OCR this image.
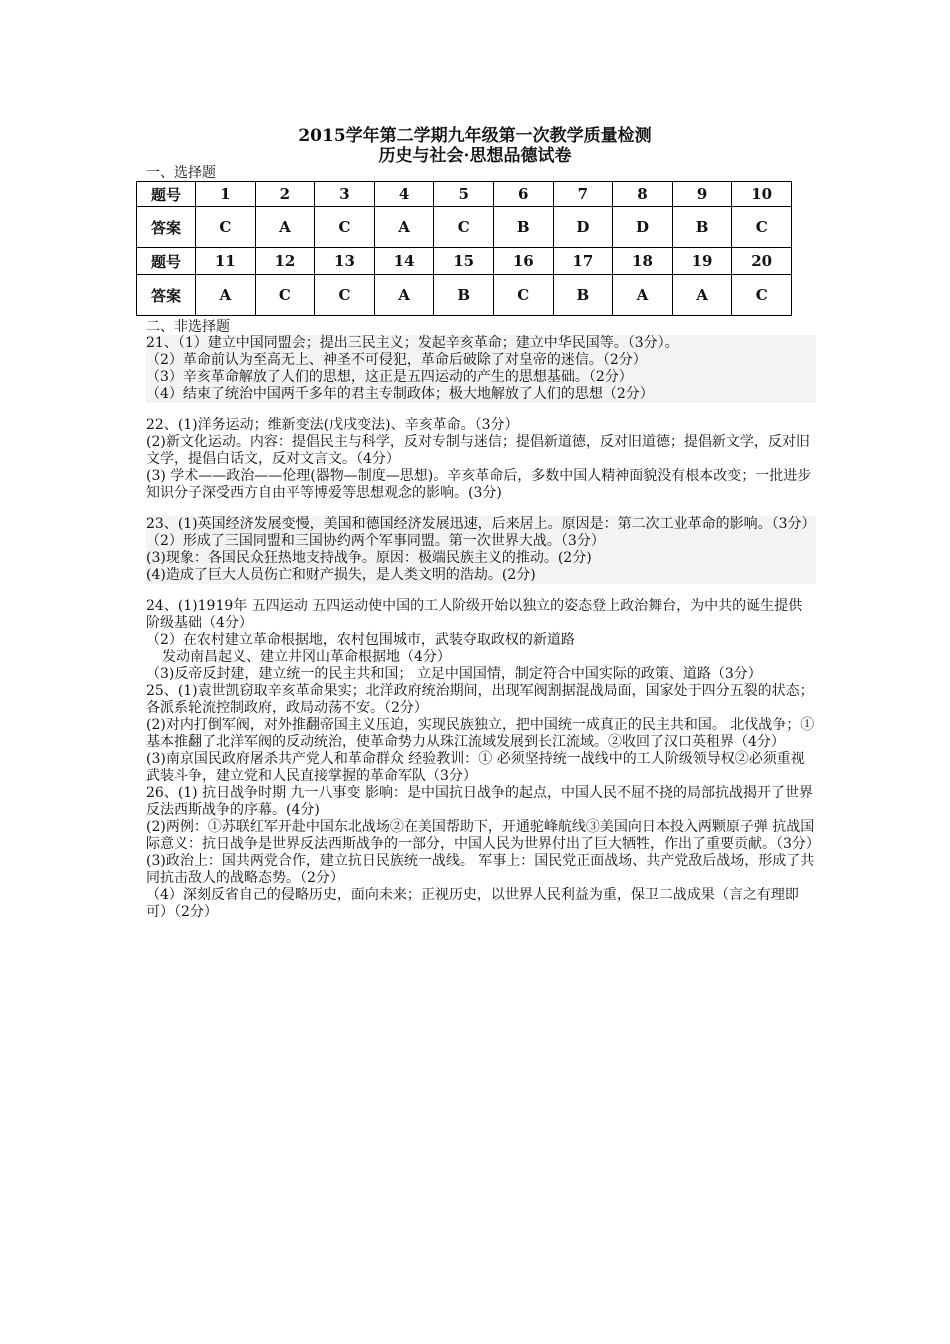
2015学年第二学期九年级第一次教学质量检测
历史与社会·思想品德试卷
一、选择题
题号	1	2	3	4	5	6	7	8	9	10
答案	C	A	C	A	C	B	D	D	B	C
题号	11	12	13	14	15	16	17	18	19	20
答案	A	C	C	A	B	C	B	A	A	C
二、非选择题

21、（1）建立中国同盟会；提出三民主义；发起辛亥革命；建立中华民国等。（3分）。

（2）革命前认为至高无上、神圣不可侵犯，革命后破除了对皇帝的迷信。（2分）

（3）辛亥革命解放了人们的思想，这正是五四运动的产生的思想基础。（2分）

（4）结束了统治中国两千多年的君主专制政体；极大地解放了人们的思想（2分）

22、(1)洋务运动；维新变法(戊戌变法)、辛亥革命。（3分）

(2)新文化运动。内容：提倡民主与科学，反对专制与迷信；提倡新道德，反对旧道德；提倡新文学，反对旧文学，提倡白话文，反对文言文。（4分）

(3) 学术——政治——伦理(器物—制度—思想)。辛亥革命后，多数中国人精神面貌没有根本改变；一批进步知识分子深受西方自由平等博爱等思想观念的影响。(3分)

23、(1)英国经济发展变慢，美国和德国经济发展迅速，后来居上。原因是：第二次工业革命的影响。（3分）

（2）形成了三国同盟和三国协约两个军事同盟。第一次世界大战。（3分）

(3)现象：各国民众狂热地支持战争。原因：极端民族主义的推动。(2分)

(4)造成了巨大人员伤亡和财产损失，是人类文明的浩劫。(2分)

24、(1)1919年 五四运动 五四运动使中国的工人阶级开始以独立的姿态登上政治舞台，为中共的诞生提供阶级基础（4分）

（2）在农村建立革命根据地，农村包围城市，武装夺取政权的新道路

发动南昌起义、建立井冈山革命根据地（4分）

（3)反帝反封建，建立统一的民主共和国； 立足中国国情，制定符合中国实际的政策、道路（3分）

25、(1)袁世凯窃取辛亥革命果实；北洋政府统治期间，出现军阀割据混战局面，国家处于四分五裂的状态；各派系轮流控制政府，政局动荡不安。（2分）

(2)对内打倒军阀，对外推翻帝国主义压迫，实现民族独立，把中国统一成真正的民主共和国。 北伐战争；①基本推翻了北洋军阀的反动统治，使革命势力从珠江流域发展到长江流域。②收回了汉口英租界（4分）

(3)南京国民政府屠杀共产党人和革命群众 经验教训：① 必须坚持统一战线中的工人阶级领导权②必须重视武装斗争，建立党和人民直接掌握的革命军队（3分）

26、(1) 抗日战争时期 九一八事变 影响：是中国抗日战争的起点，中国人民不屈不挠的局部抗战揭开了世界反法西斯战争的序幕。(4分)

(2)两例：①苏联红军开赴中国东北战场②在美国帮助下，开通驼峰航线③美国向日本投入两颗原子弹 抗战国际意义：抗日战争是世界反法西斯战争的一部分，中国人民为世界付出了巨大牺牲，作出了重要贡献。（3分）

(3)政治上：国共两党合作，建立抗日民族统一战线。 军事上：国民党正面战场、共产党敌后战场，形成了共同抗击敌人的战略态势。（2分）

（4）深刻反省自己的侵略历史，面向未来；正视历史，以世界人民利益为重，保卫二战成果（言之有理即可）（2分）
